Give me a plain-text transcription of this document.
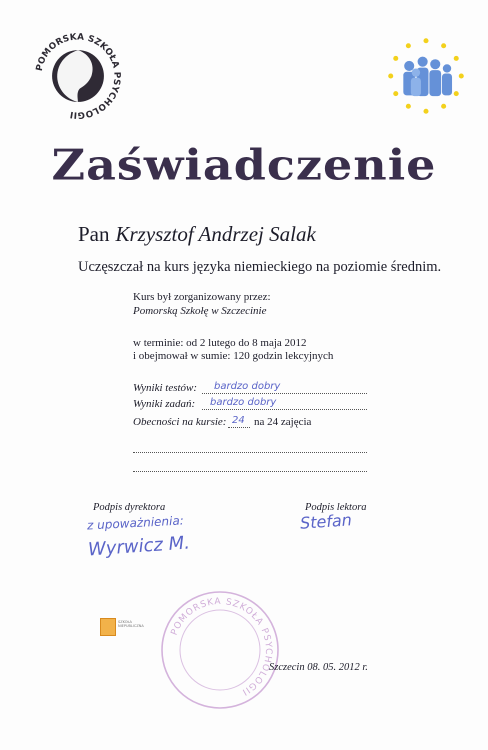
POMORSKA SZKOŁA PSYCHOLOGII
Zaświadczenie
Pan Krzysztof Andrzej Salak
Uczęszczał na kurs języka niemieckiego na poziomie średnim.
Kurs był zorganizowany przez:
Pomorską Szkołę w Szczecinie
w terminie: od 2 lutego do 8 maja 2012
i obejmował w sumie: 120 godzin lekcyjnych
Wyniki testów: bardzo dobry
Wyniki zadań: bardzo dobry
Obecności na kursie: 24 na 24 zajęcia
Podpis dyrektora	Podpis lektora
z upoważnienia:
Wyrwicz M.
Stefan
POMORSKA SZKOŁA PSYCHOLOGII
SZKOŁA NIEPUBLICZNA
Szczecin 08. 05. 2012 r.
